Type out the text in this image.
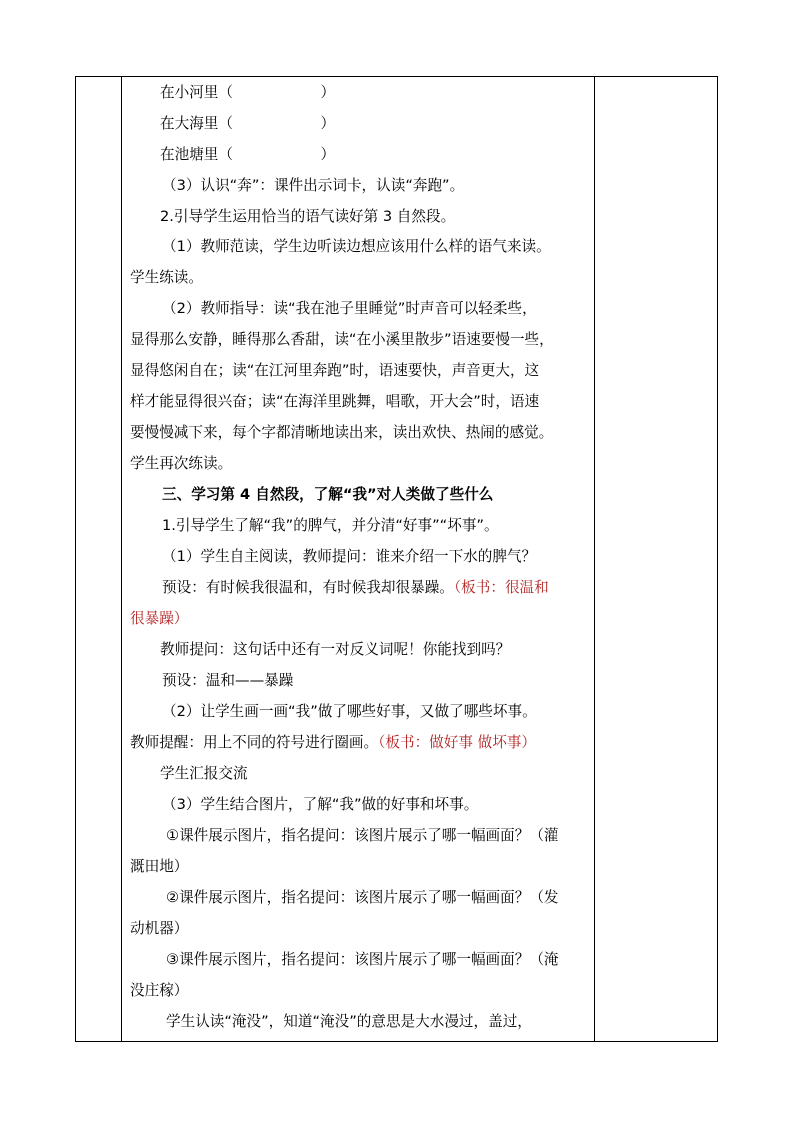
在小河里（　　　　　　）
在大海里（　　　　　　）
在池塘里（　　　　　　）
（3）认识“奔”：课件出示词卡，认读“奔跑”。
2.引导学生运用恰当的语气读好第 3 自然段。
（1）教师范读，学生边听读边想应该用什么样的语气来读。
学生练读。
（2）教师指导：读“我在池子里睡觉”时声音可以轻柔些，
显得那么安静，睡得那么香甜，读“在小溪里散步”语速要慢一些，
显得悠闲自在；读“在江河里奔跑”时，语速要快，声音更大，这
样才能显得很兴奋；读“在海洋里跳舞，唱歌，开大会”时，语速
要慢慢减下来，每个字都清晰地读出来，读出欢快、热闹的感觉。
学生再次练读。
三、学习第 4 自然段，了解“我”对人类做了些什么
1.引导学生了解“我”的脾气，并分清“好事”“坏事”。
（1）学生自主阅读，教师提问：谁来介绍一下水的脾气？
预设：有时候我很温和，有时候我却很暴躁。（板书：很温和
很暴躁）
教师提问：这句话中还有一对反义词呢！你能找到吗？
预设：温和——暴躁
（2）让学生画一画“我”做了哪些好事，又做了哪些坏事。
教师提醒：用上不同的符号进行圈画。（板书：做好事 做坏事）
学生汇报交流
（3）学生结合图片，了解“我”做的好事和坏事。
①课件展示图片，指名提问：该图片展示了哪一幅画面？（灌
溉田地）
②课件展示图片，指名提问：该图片展示了哪一幅画面？（发
动机器）
③课件展示图片，指名提问：该图片展示了哪一幅画面？（淹
没庄稼）
学生认读“淹没”，知道“淹没”的意思是大水漫过，盖过，
